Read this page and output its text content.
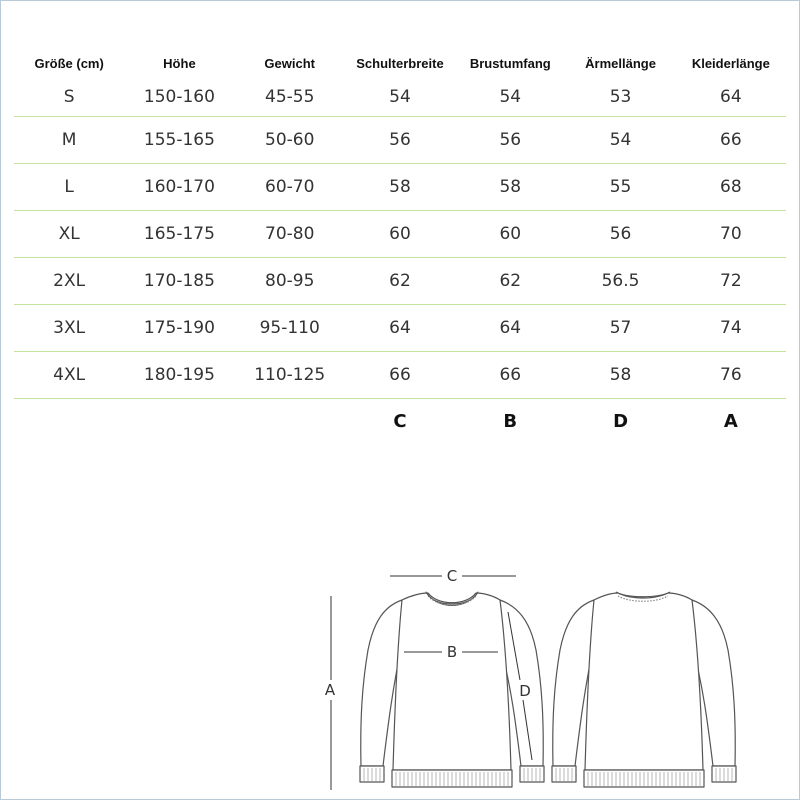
Größe (cm)	Höhe	Gewicht	Schulterbreite	Brustumfang	Ärmellänge	Kleiderlänge
S	150-160	45-55	54	54	53	64
M	155-165	50-60	56	56	54	66
L	160-170	60-70	58	58	55	68
XL	165-175	70-80	60	60	56	70
2XL	170-185	80-95	62	62	56.5	72
3XL	175-190	95-110	64	64	57	74
4XL	180-195	110-125	66	66	58	76
			C	B	D	A
C
B
A	D
